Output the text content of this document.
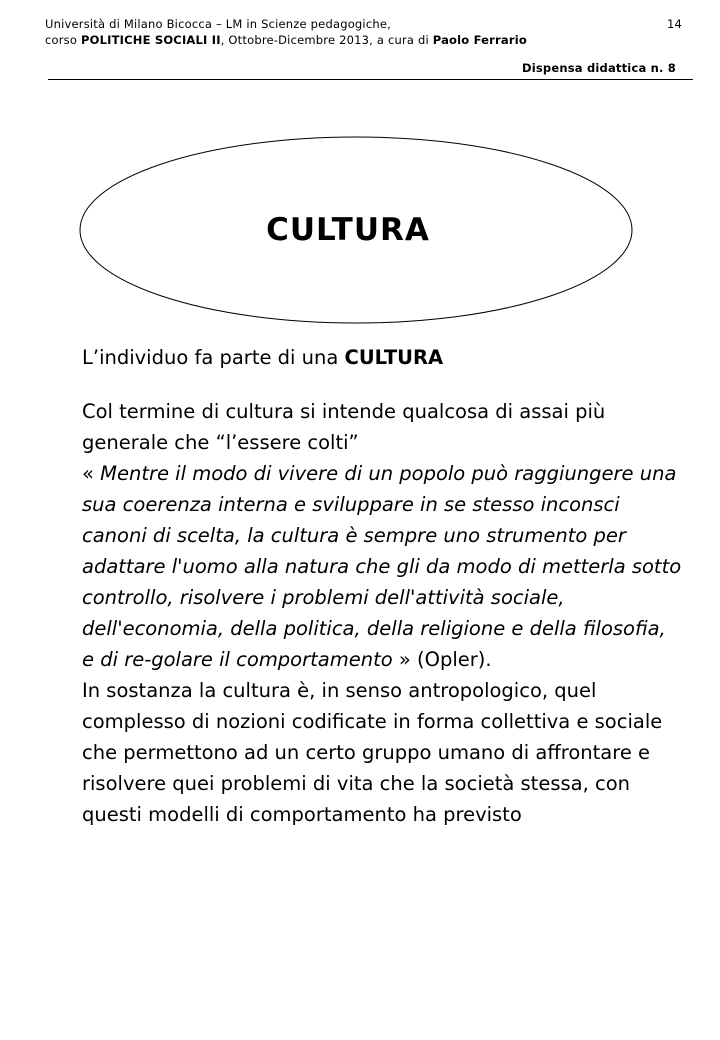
Università di Milano Bicocca – LM in Scienze pedagogiche,
corso POLITICHE SOCIALI II, Ottobre-Dicembre 2013, a cura di Paolo Ferrario
14
Dispensa didattica n. 8
CULTURA

L’individuo fa parte di una CULTURA

Col termine di cultura si intende qualcosa di assai più generale che “l’essere colti”

« Mentre il modo di vivere di un popolo può raggiungere una sua coerenza interna e sviluppare in se stesso inconsci canoni di scelta, la cultura è sempre uno strumento per adattare l'uomo alla natura che gli da modo di metterla sotto controllo, risolvere i problemi dell'attività sociale, dell'economia, della politica, della religione e della filosofia, e di re-golare il comportamento » (Opler).

In sostanza la cultura è, in senso antropologico, quel complesso di nozioni codificate in forma collettiva e sociale che permettono ad un certo gruppo umano di affrontare e risolvere quei problemi di vita che la società stessa, con questi modelli di comportamento ha previsto
